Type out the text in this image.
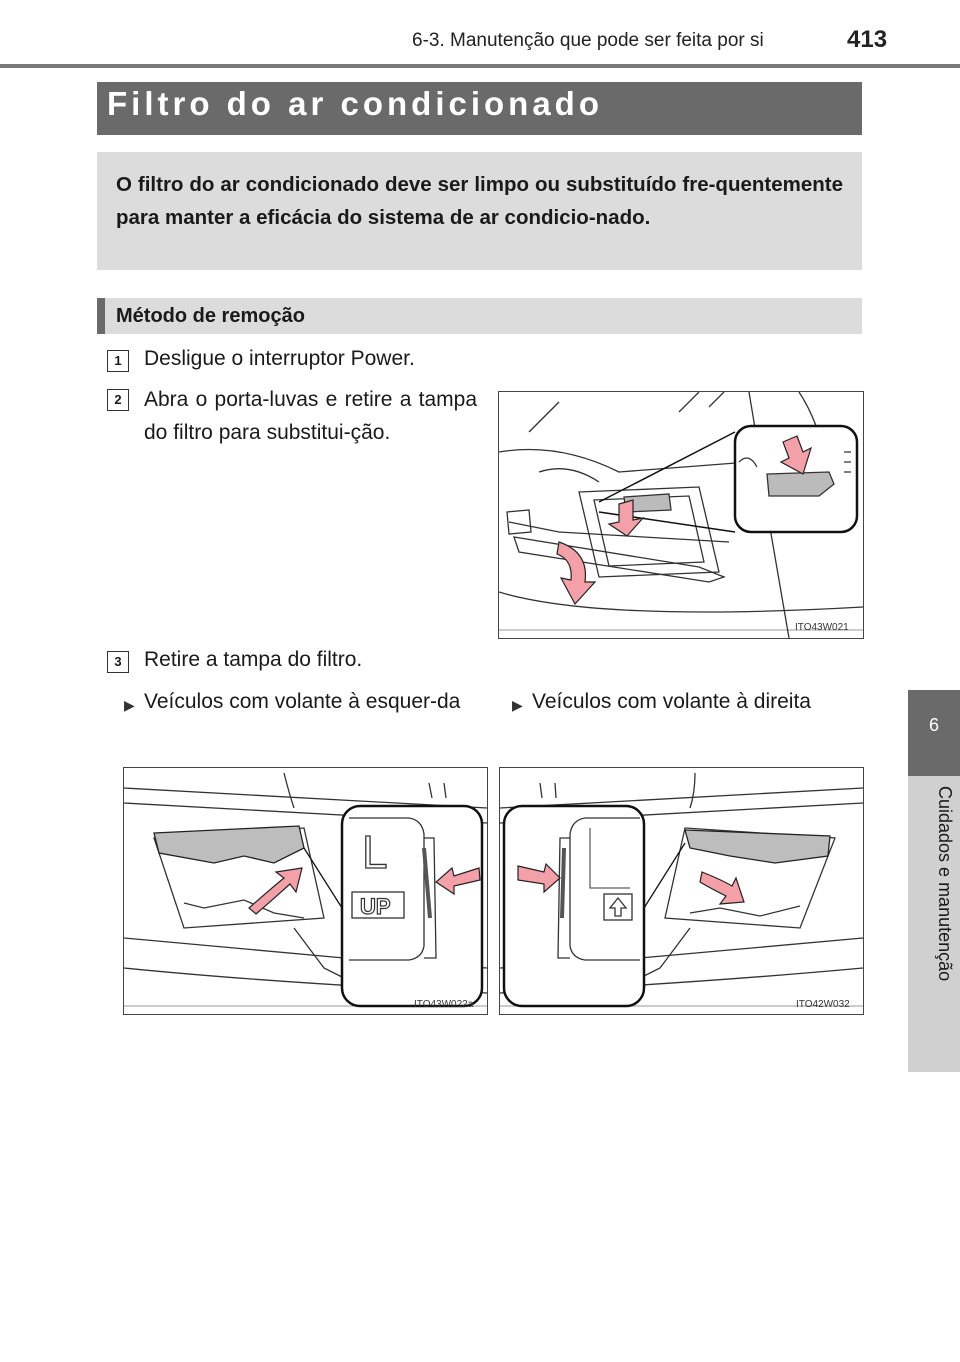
6-3. Manutenção que pode ser feita por si	413
6
Cuidados e manutenção
Filtro do ar condicionado
O filtro do ar condicionado deve ser limpo ou substituído fre-quentemente para manter a eficácia do sistema de ar condicio-nado.
Método de remoção
1	Desligue o interruptor Power.
2	Abra o porta-luvas e retire a tampa do filtro para substitui-ção.
ITO43W021
3	Retire a tampa do filtro.
▶ Veículos com volante à esquer-da	▶ Veículos com volante à direita
L
UP
ITO43W022a	ITO42W032
